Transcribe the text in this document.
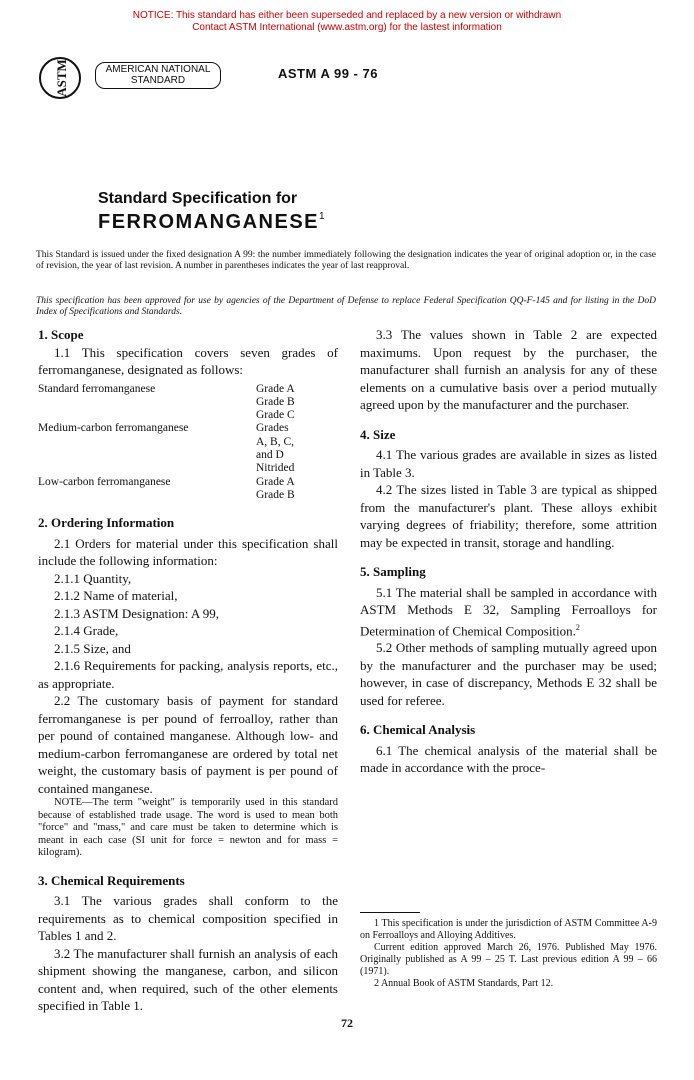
NOTICE: This standard has either been superseded and replaced by a new version or withdrawn
Contact ASTM International (www.astm.org) for the lastest information
ASTM	AMERICAN NATIONAL
STANDARD	ASTM A 99 - 76
Standard Specification for
FERROMANGANESE$^1$
This Standard is issued under the fixed designation A 99: the number immediately following the designation indicates the year of original adoption or, in the case of revision, the year of last revision. A number in parentheses indicates the year of last reapproval.
This specification has been approved for use by agencies of the Department of Defense to replace Federal Specification QQ-F-145 and for listing in the DoD Index of Specifications and Standards.
1. Scope

1.1 This specification covers seven grades of ferromanganese, designated as follows:

Standard ferromanganese	Grade A
	Grade B
	Grade C
Medium-carbon ferromanganese	Grades
	A, B, C,
	and D
	Nitrided
Low-carbon ferromanganese	Grade A
	Grade B
2. Ordering Information

2.1 Orders for material under this specification shall include the following information:

2.1.1 Quantity,

2.1.2 Name of material,

2.1.3 ASTM Designation: A 99,

2.1.4 Grade,

2.1.5 Size, and

2.1.6 Requirements for packing, analysis reports, etc., as appropriate.

2.2 The customary basis of payment for standard ferromanganese is per pound of ferroalloy, rather than per pound of contained manganese. Although low- and medium-carbon ferromanganese are ordered by total net weight, the customary basis of payment is per pound of contained manganese.

NOTE—The term "weight" is temporarily used in this standard because of established trade usage. The word is used to mean both "force" and "mass," and care must be taken to determine which is meant in each case (SI unit for force = newton and for mass = kilogram).

3. Chemical Requirements

3.1 The various grades shall conform to the requirements as to chemical composition specified in Tables 1 and 2.

3.2 The manufacturer shall furnish an analysis of each shipment showing the manganese, carbon, and silicon content and, when required, such of the other elements specified in Table 1.

3.3 The values shown in Table 2 are expected maximums. Upon request by the purchaser, the manufacturer shall furnish an analysis for any of these elements on a cumulative basis over a period mutually agreed upon by the manufacturer and the purchaser.

4. Size

4.1 The various grades are available in sizes as listed in Table 3.

4.2 The sizes listed in Table 3 are typical as shipped from the manufacturer's plant. These alloys exhibit varying degrees of friability; therefore, some attrition may be expected in transit, storage and handling.

5. Sampling

5.1 The material shall be sampled in accordance with ASTM Methods E 32, Sampling Ferroalloys for Determination of Chemical Composition.$^2$

5.2 Other methods of sampling mutually agreed upon by the manufacturer and the purchaser may be used; however, in case of discrepancy, Methods E 32 shall be used for referee.

6. Chemical Analysis

6.1 The chemical analysis of the material shall be made in accordance with the proce-

1 This specification is under the jurisdiction of ASTM Committee A-9 on Ferroalloys and Alloying Additives.

Current edition approved March 26, 1976. Published May 1976. Originally published as A 99 – 25 T. Last previous edition A 99 – 66 (1971).

2 Annual Book of ASTM Standards, Part 12.

72
